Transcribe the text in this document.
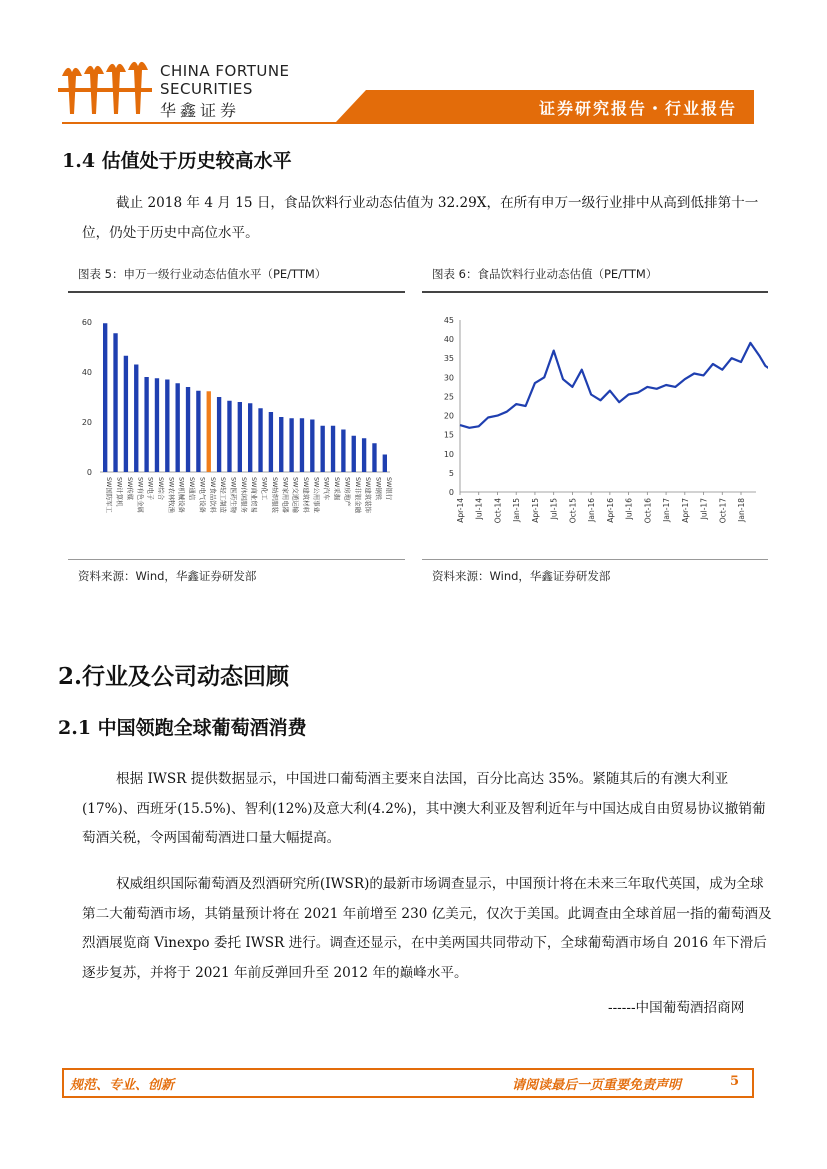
CHINA FORTUNE
SECURITIES
华鑫证券	证券研究报告・行业报告
1.4 估值处于历史较高水平

截止 2018 年 4 月 15 日，食品饮料行业动态估值为 32.29X，在所有申万一级行业排中从高到低排第十一位，仍处于历史中高位水平。

图表 5：申万一级行业动态估值水平（PE/TTM）
0
20
40
60
SW国防军工 SW计算机 SW传媒 SW有色金属 SW电子 SW综合 SW农林牧渔 SW机械设备 SW通信 SW电气设备 SW食品饮料 SW轻工制造 SW医药生物 SW休闲服务 SW商业贸易 SW化工 SW纺织服装 SW家用电器 SW交通运输 SW建筑材料 SW公用事业 SW汽车 SW采掘 SW房地产 SW非银金融 SW建筑装饰 SW钢铁 SW银行
资料来源：Wind，华鑫证券研发部
图表 6：食品饮料行业动态估值（PE/TTM）
0
5
10
15
20
25
30
35
40
45
Apr-14 Jul-14 Oct-14 Jan-15 Apr-15 Jul-15 Oct-15 Jan-16 Apr-16 Jul-16 Oct-16 Jan-17 Apr-17 Jul-17 Oct-17 Jan-18
资料来源：Wind，华鑫证券研发部
2.行业及公司动态回顾
2.1 中国领跑全球葡萄酒消费

根据 IWSR 提供数据显示，中国进口葡萄酒主要来自法国，百分比高达 35%。紧随其后的有澳大利亚(17%)、西班牙(15.5%)、智利(12%)及意大利(4.2%)，其中澳大利亚及智利近年与中国达成自由贸易协议撤销葡萄酒关税，令两国葡萄酒进口量大幅提高。

权威组织国际葡萄酒及烈酒研究所(IWSR)的最新市场调查显示，中国预计将在未来三年取代英国，成为全球第二大葡萄酒市场，其销量预计将在 2021 年前增至 230 亿美元，仅次于美国。此调查由全球首屈一指的葡萄酒及烈酒展览商 Vinexpo 委托 IWSR 进行。调查还显示，在中美两国共同带动下，全球葡萄酒市场自 2016 年下滑后逐步复苏，并将于 2021 年前反弹回升至 2012 年的巅峰水平。

------中国葡萄酒招商网
规范、专业、创新	请阅读最后一页重要免责声明	5
